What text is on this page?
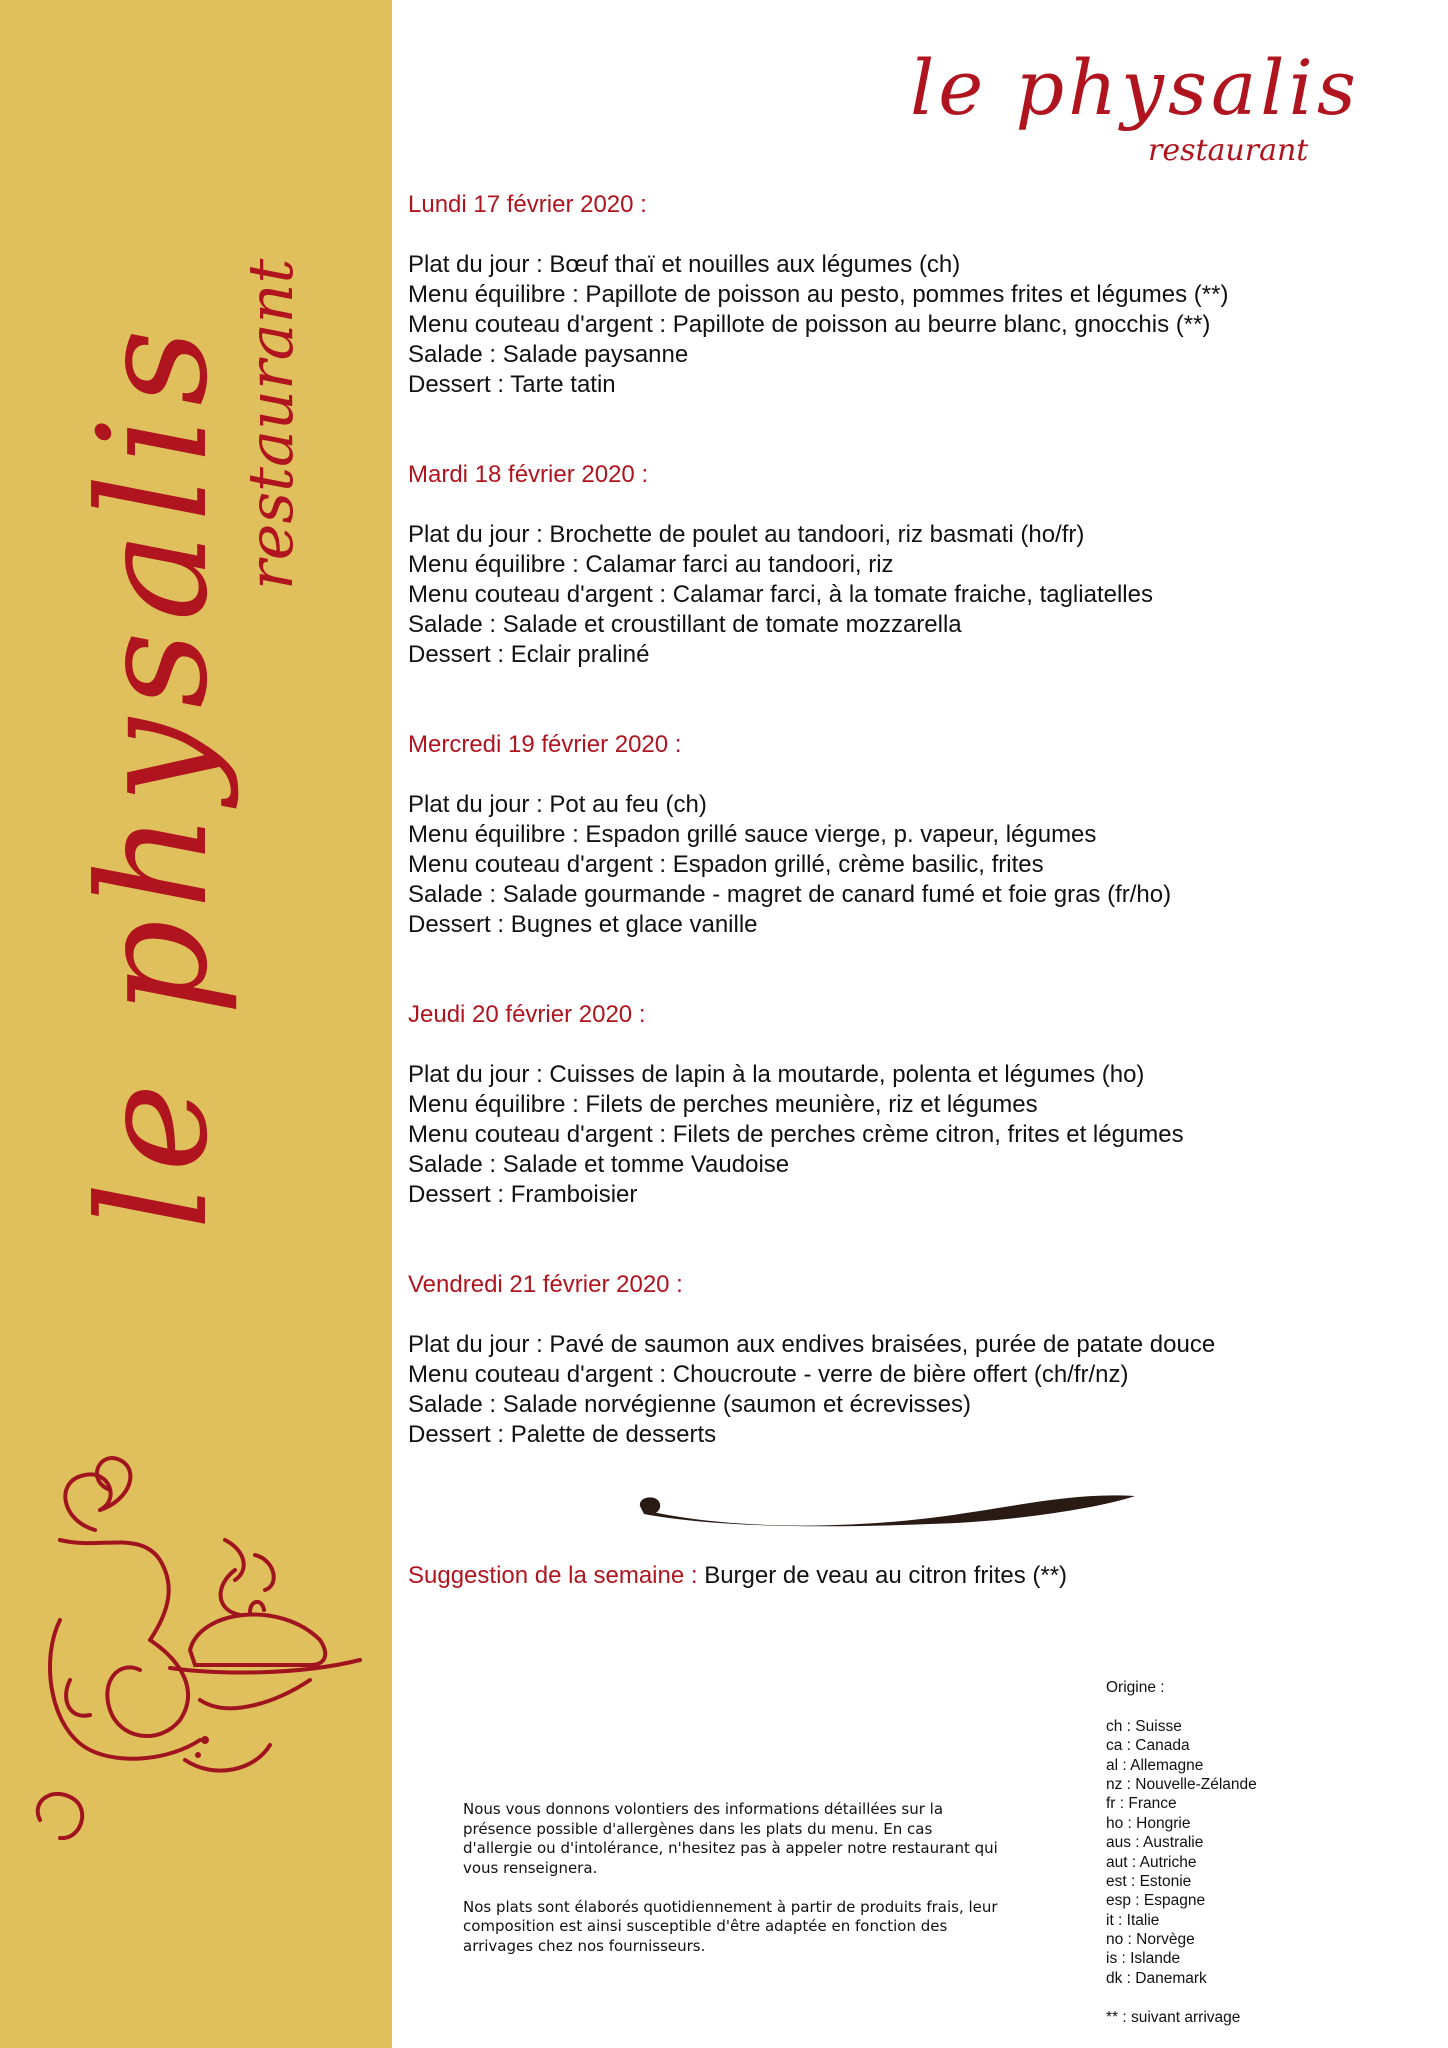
le physalis
restaurant
le physalis
restaurant
Lundi 17 février 2020 :
Plat du jour : Bœuf thaï et nouilles aux légumes (ch)
Menu équilibre : Papillote de poisson au pesto, pommes frites et légumes (**)
Menu couteau d'argent : Papillote de poisson au beurre blanc, gnocchis (**)
Salade : Salade paysanne
Dessert : Tarte tatin
Mardi 18 février 2020 :
Plat du jour : Brochette de poulet au tandoori, riz basmati (ho/fr)
Menu équilibre : Calamar farci au tandoori, riz
Menu couteau d'argent : Calamar farci, à la tomate fraiche, tagliatelles
Salade : Salade et croustillant de tomate mozzarella
Dessert : Eclair praliné
Mercredi 19 février 2020 :
Plat du jour : Pot au feu (ch)
Menu équilibre : Espadon grillé sauce vierge, p. vapeur, légumes
Menu couteau d'argent : Espadon grillé, crème basilic, frites
Salade : Salade gourmande - magret de canard fumé et foie gras (fr/ho)
Dessert : Bugnes et glace vanille
Jeudi 20 février 2020 :
Plat du jour : Cuisses de lapin à la moutarde, polenta et légumes (ho)
Menu équilibre : Filets de perches meunière, riz et légumes
Menu couteau d'argent : Filets de perches crème citron, frites et légumes
Salade : Salade et tomme Vaudoise
Dessert : Framboisier
Vendredi 21 février 2020 :
Plat du jour : Pavé de saumon aux endives braisées, purée de patate douce
Menu couteau d'argent : Choucroute - verre de bière offert (ch/fr/nz)
Salade : Salade norvégienne (saumon et écrevisses)
Dessert : Palette de desserts
Suggestion de la semaine : Burger de veau au citron frites (**)
Origine :
ch : Suisse
ca : Canada
al : Allemagne
nz : Nouvelle-Zélande
fr : France
ho : Hongrie
aus : Australie
aut : Autriche
est : Estonie
esp : Espagne
it : Italie
no : Norvège
is : Islande
dk : Danemark
** : suivant arrivage

Nous vous donnons volontiers des informations détaillées sur la présence possible d'allergènes dans les plats du menu. En cas d'allergie ou d'intolérance, n'hesitez pas à appeler notre restaurant qui vous renseignera.

Nos plats sont élaborés quotidiennement à partir de produits frais, leur composition est ainsi susceptible d'être adaptée en fonction des arrivages chez nos fournisseurs.
